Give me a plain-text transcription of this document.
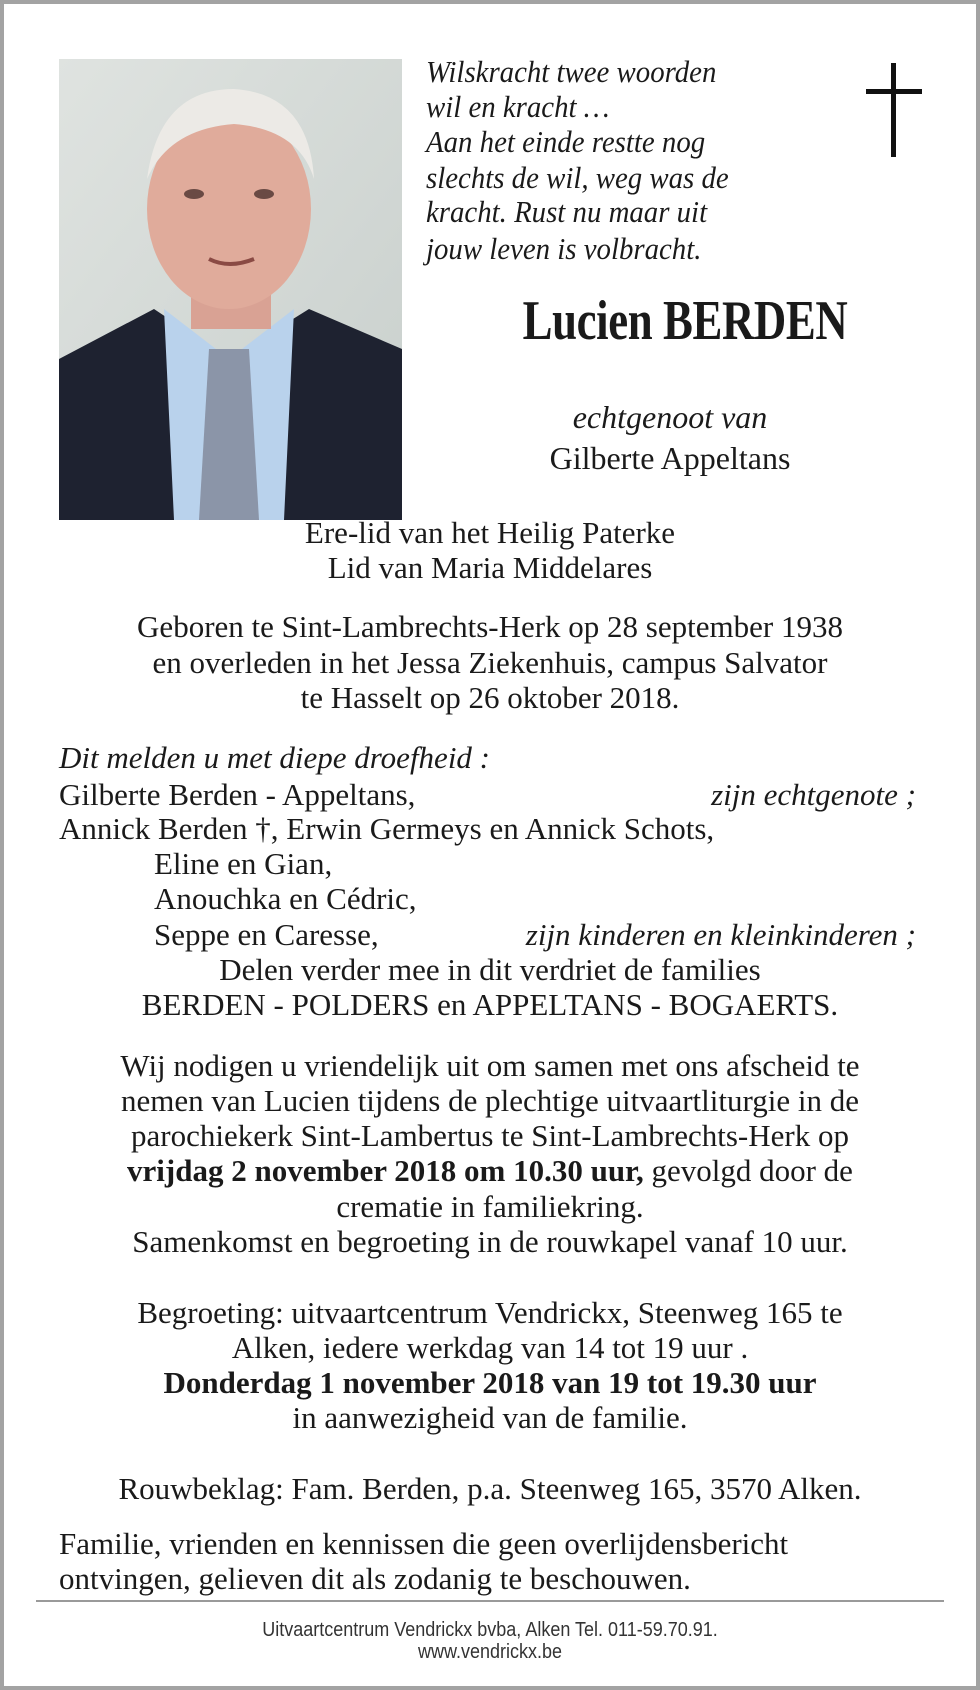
Wilskracht twee woorden
wil en kracht …
Aan het einde restte nog
slechts de wil, weg was de
kracht. Rust nu maar uit
jouw leven is volbracht.
Lucien BERDEN
echtgenoot van
Gilberte Appeltans
Ere-lid van het Heilig Paterke
Lid van Maria Middelares
Geboren te Sint-Lambrechts-Herk op 28 september 1938
en overleden in het Jessa Ziekenhuis, campus Salvator
te Hasselt op 26 oktober 2018.
Dit melden u met diepe droefheid :
Gilberte Berden - Appeltans,	zijn echtgenote ;
Annick Berden †, Erwin Germeys en Annick Schots,
Eline en Gian,
Anouchka en Cédric,
Seppe en Caresse,	zijn kinderen en kleinkinderen ;
Delen verder mee in dit verdriet de families
BERDEN - POLDERS en APPELTANS - BOGAERTS.
Wij nodigen u vriendelijk uit om samen met ons afscheid te
nemen van Lucien tijdens de plechtige uitvaartliturgie in de
parochiekerk Sint-Lambertus te Sint-Lambrechts-Herk op
vrijdag 2 november 2018 om 10.30 uur, gevolgd door de
crematie in familiekring.
Samenkomst en begroeting in de rouwkapel vanaf 10 uur.
Begroeting: uitvaartcentrum Vendrickx, Steenweg 165 te
Alken, iedere werkdag van 14 tot 19 uur .
Donderdag 1 november 2018 van 19 tot 19.30 uur
in aanwezigheid van de familie.
Rouwbeklag: Fam. Berden, p.a. Steenweg 165, 3570 Alken.
Familie, vrienden en kennissen die geen overlijdensbericht
ontvingen, gelieven dit als zodanig te beschouwen.
Uitvaartcentrum Vendrickx bvba, Alken Tel. 011-59.70.91.
www.vendrickx.be
